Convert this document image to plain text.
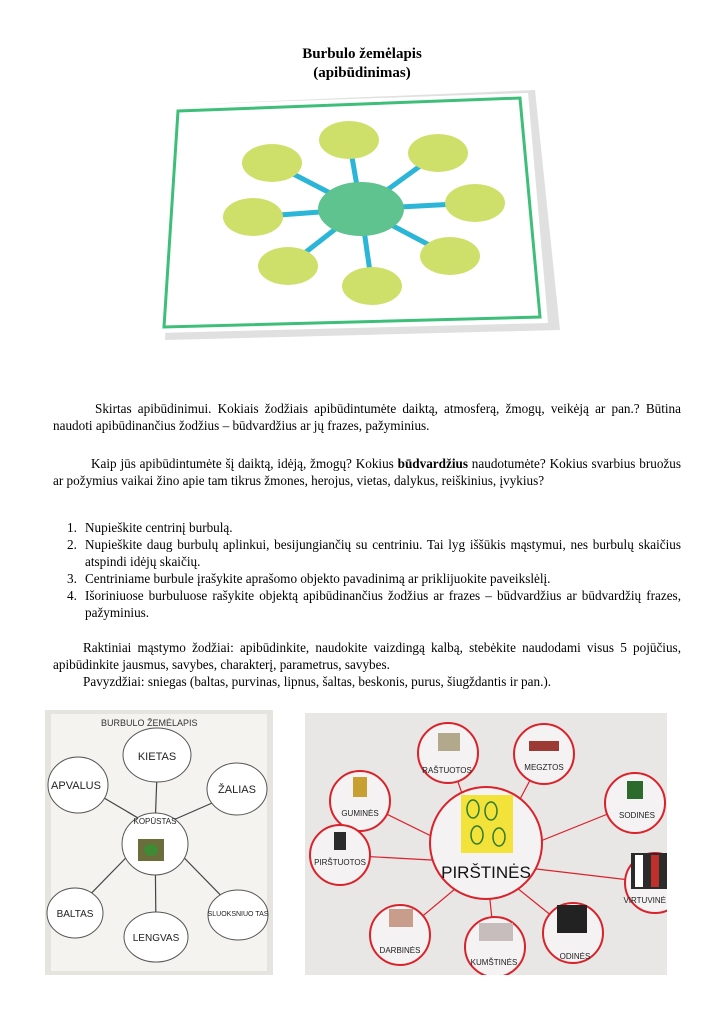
Burbulo žemėlapis
(apibūdinimas)
Skirtas apibūdinimui. Kokiais žodžiais apibūdintumėte daiktą, atmosferą, žmogų, veikėją ar pan.? Būtina naudoti apibūdinančius žodžius – būdvardžius ar jų frazes, pažyminius.
Kaip jūs apibūdintumėte šį daiktą, idėją, žmogų? Kokius būdvardžius naudotumėte? Kokius svarbius bruožus ar požymius vaikai žino apie tam tikrus žmones, herojus, vietas, dalykus, reiškinius, įvykius?
1. Nupieškite centrinį burbulą.
2. Nupieškite daug burbulų aplinkui, besijungiančių su centriniu. Tai lyg iššūkis mąstymui, nes burbulų skaičius atspindi idėjų skaičių.
3. Centriniame burbule įrašykite aprašomo objekto pavadinimą ar priklijuokite paveikslėlį.
4. Išoriniuose burbuluose rašykite objektą apibūdinančius žodžius ar frazes – būdvardžius ar būdvardžių frazes, pažyminius.
Raktiniai mąstymo žodžiai: apibūdinkite, naudokite vaizdingą kalbą, stebėkite naudodami visus 5 pojūčius, apibūdinkite jausmus, savybes, charakterį, parametrus, savybes.
Pavyzdžiai: sniegas (baltas, purvinas, lipnus, šaltas, beskonis, purus, šiugždantis ir pan.).
BURBULO ŽEMĖLAPIS
KOPŪSTAS
KIETAS
APVALUS	ŽALIAS
BALTAS
LENGVAS
SLUOKSNIUO TAS
PIRŠTINĖS
RAŠTUOTOS	MEGZTOS
GUMINĖS	SODINĖS
PIRŠTUOTOS
VIRTUVINĖ
DARBINĖS
KUMŠTINĖS
ODINĖS
